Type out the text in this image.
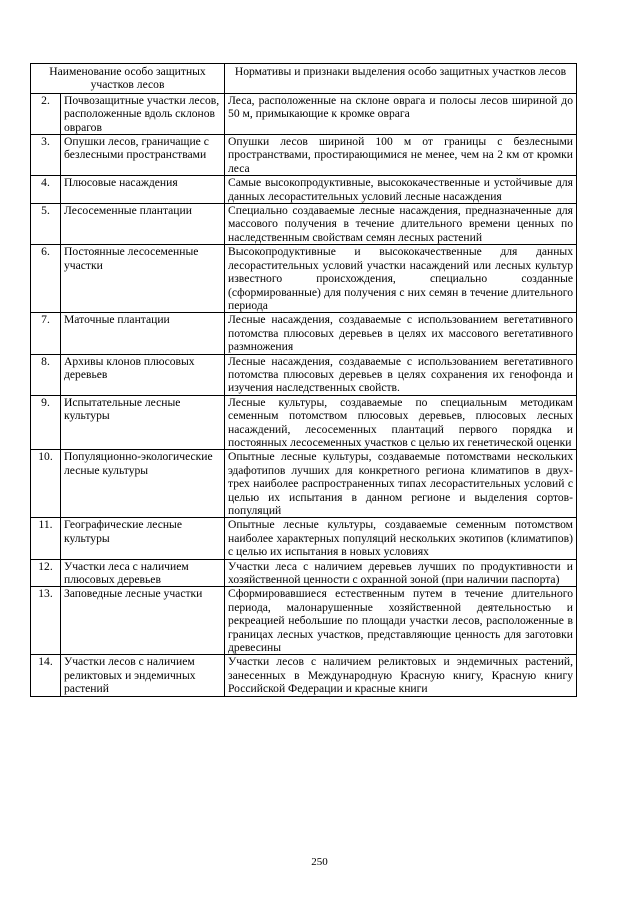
Наименование особо защитных участков лесов		Нормативы и признаки выделения особо защитных участков лесов
2.	Почвозащитные участки лесов, расположенные вдоль склонов оврагов	Леса, расположенные на склоне оврага и полосы лесов шириной до 50 м, примыкающие к кромке оврага
3.	Опушки лесов, граничащие с безлесными пространствами	Опушки лесов шириной 100 м от границы с безлесными пространствами, простирающимися не менее, чем на 2 км от кромки леса
4.	Плюсовые насаждения	Самые высокопродуктивные, высококачественные и устойчивые для данных лесорастительных условий лесные насаждения
5.	Лесосеменные плантации	Специально создаваемые лесные насаждения, предназначенные для массового получения в течение длительного времени ценных по наследственным свойствам семян лесных растений
6.	Постоянные лесосеменные участки	Высокопродуктивные и высококачественные для данных лесорастительных условий участки насаждений или лесных культур известного происхождения, специально созданные (сформированные) для получения с них семян в течение длительного периода
7.	Маточные плантации	Лесные насаждения, создаваемые с использованием вегетативного потомства плюсовых деревьев в целях их массового вегетативного размножения
8.	Архивы клонов плюсовых деревьев	Лесные насаждения, создаваемые с использованием вегетативного потомства плюсовых деревьев в целях сохранения их генофонда и изучения наследственных свойств.
9.	Испытательные лесные культуры	Лесные культуры, создаваемые по специальным методикам семенным потомством плюсовых деревьев, плюсовых лесных насаждений, лесосеменных плантаций первого порядка и постоянных лесосеменных участков с целью их генетической оценки
10.	Популяционно-экологические лесные культуры	Опытные лесные культуры, создаваемые потомствами нескольких эдафотипов лучших для конкретного региона климатипов в двух-трех наиболее распространенных типах лесорастительных условий с целью их испытания в данном регионе и выделения сортов-популяций
11.	Географические лесные культуры	Опытные лесные культуры, создаваемые семенным потомством наиболее характерных популяций нескольких экотипов (климатипов) с целью их испытания в новых условиях
12.	Участки леса с наличием плюсовых деревьев	Участки леса с наличием деревьев лучших по продуктивности и хозяйственной ценности с охранной зоной (при наличии паспорта)
13.	Заповедные лесные участки	Сформировавшиеся естественным путем в течение длительного периода, малонарушенные хозяйственной деятельностью и рекреацией небольшие по площади участки лесов, расположенные в границах лесных участков, представляющие ценность для заготовки древесины
14.	Участки лесов с наличием реликтовых и эндемичных растений	Участки лесов с наличием реликтовых и эндемичных растений, занесенных в Международную Красную книгу, Красную книгу Российской Федерации и красные книги
250
